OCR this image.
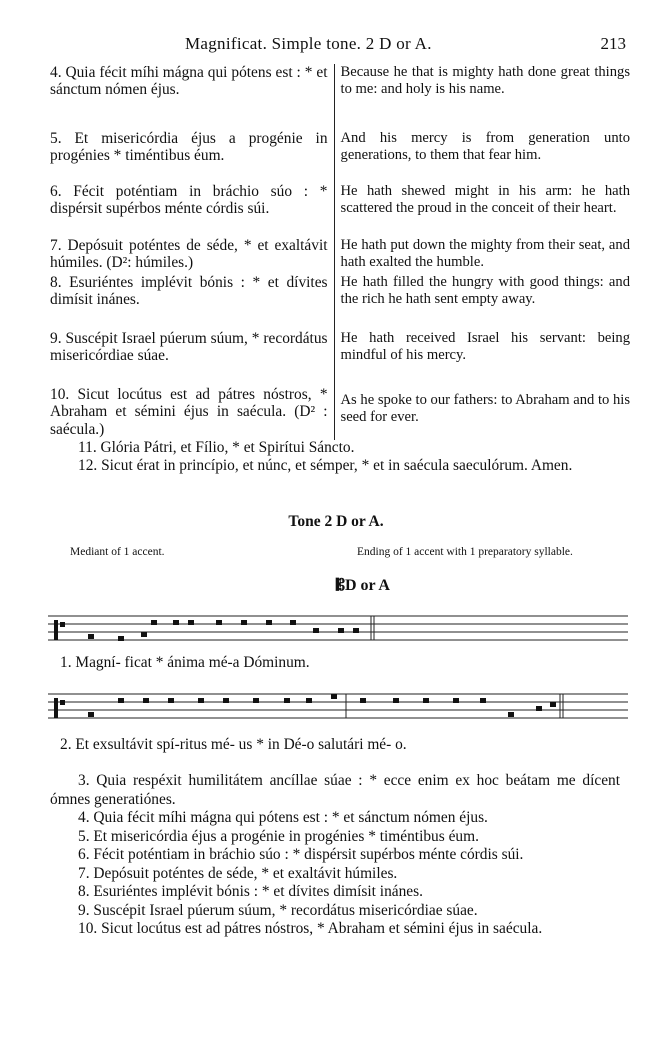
Magnificat. Simple tone. 2 D or A.	213
4. Quia fécit míhi mágna qui pótens est : * et sánctum nómen éjus.
Because he that is mighty hath done great things to me: and holy is his name.
5. Et misericórdia éjus a progénie in progénies * timéntibus éum.
And his mercy is from generation unto generations, to them that fear him.
6. Fécit poténtiam in bráchio súo : * dispérsit supérbos ménte córdis súi.
He hath shewed might in his arm: he hath scattered the proud in the conceit of their heart.
7. Depósuit poténtes de séde, * et exaltávit húmiles. (D²: húmiles.)
He hath put down the mighty from their seat, and hath exalted the humble.
8. Esuriéntes implévit bónis : * et dívites dimísit inánes.
He hath filled the hungry with good things: and the rich he hath sent empty away.
9. Suscépit Israel púerum súum, * recordátus misericórdiae súae.
He hath received Israel his servant: being mindful of his mercy.
10. Sicut locútus est ad pátres nóstros, * Abraham et sémini éjus in saécula. (D² : saécula.)
As he spoke to our fathers: to Abraham and to his seed for ever.
11. Glória Pátri, et Fílio, * et Spirítui Sáncto.
12. Sicut érat in princípio, et núnc, et sémper, * et in saécula saeculórum. Amen.
Tone 2 D or A.
Mediant of 1 accent.	Ending of 1 accent with 1 preparatory syllable.
𝄡D or A
1. Magní- ficat * ánima mé-a Dóminum.
2. Et exsultávit spí-ritus mé- us * in Dé-o salutári mé- o.

3. Quia respéxit humilitátem ancíllae súae : * ecce enim ex hoc beátam me dícent ómnes generatiónes.

4. Quia fécit míhi mágna qui pótens est : * et sánctum nómen éjus.

5. Et misericórdia éjus a progénie in progénies * timéntibus éum.

6. Fécit poténtiam in bráchio súo : * dispérsit supérbos ménte córdis súi.

7. Depósuit poténtes de séde, * et exaltávit húmiles.

8. Esuriéntes implévit bónis : * et dívites dimísit inánes.

9. Suscépit Israel púerum súum, * recordátus misericórdiae súae.

10. Sicut locútus est ad pátres nóstros, * Abraham et sémini éjus in saécula.
